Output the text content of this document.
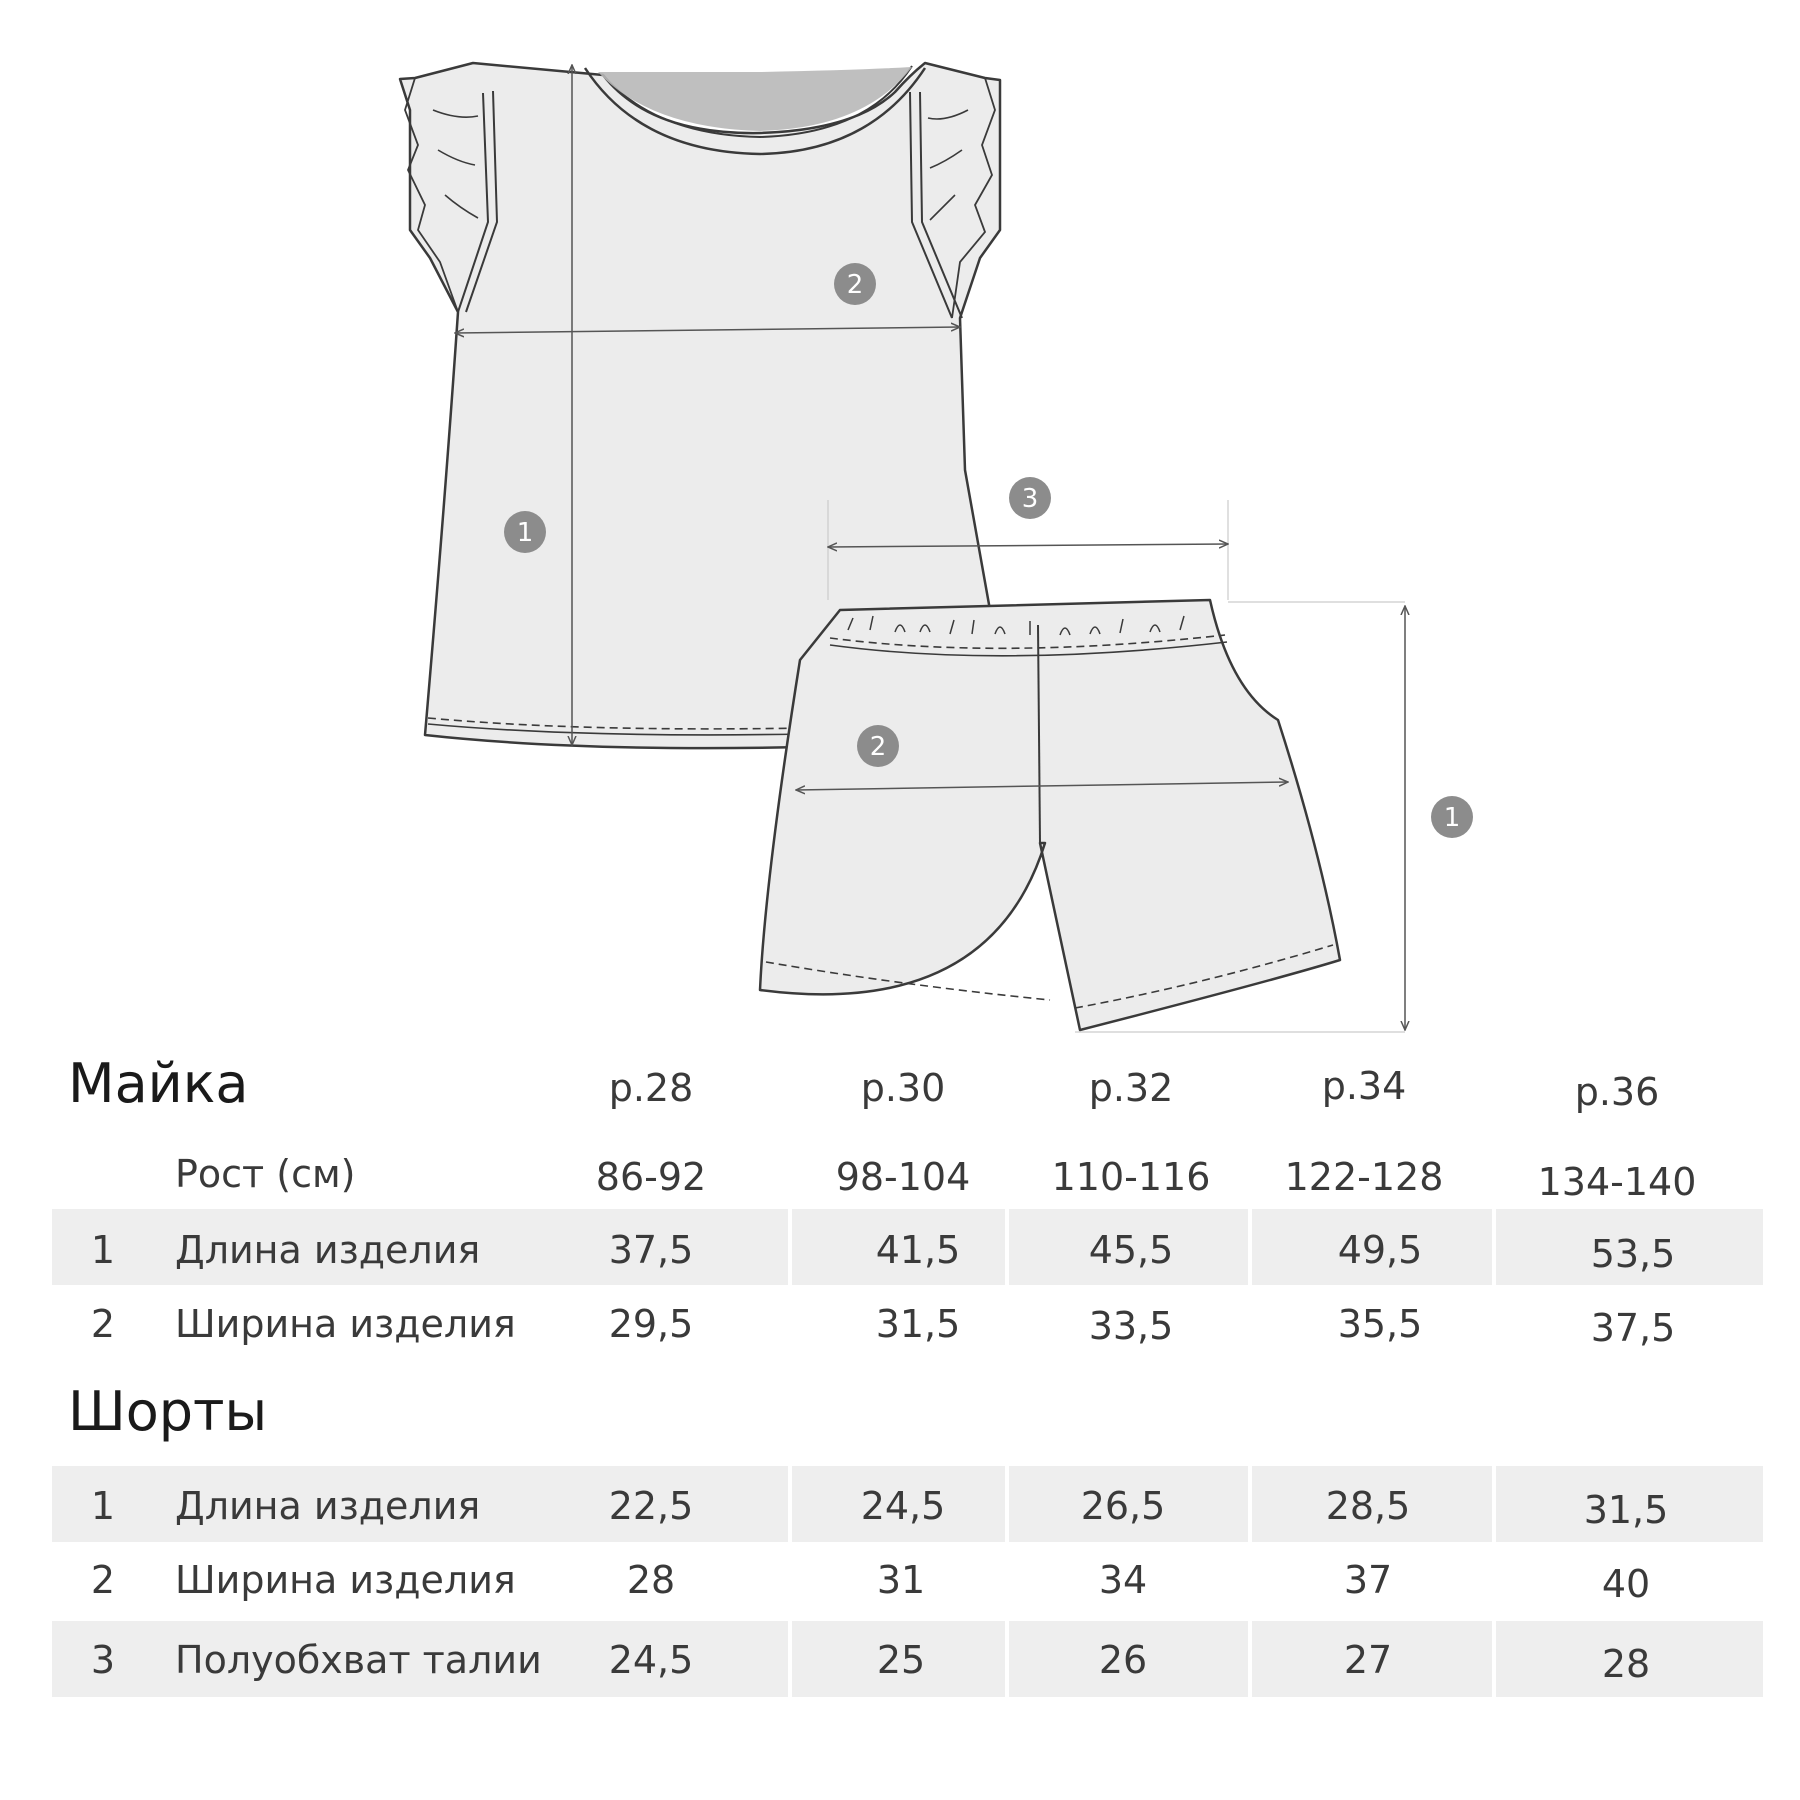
1
2
3
2
1
Майка	р.28	р.30	р.32	р.34	р.36
Рост (см)	86-92	98-104	110-116	122-128	134-140
1	Длина изделия	37,5	41,5	45,5	49,5	53,5
2	Ширина изделия	29,5	31,5	33,5	35,5	37,5
Шорты
1	Длина изделия	22,5	24,5	26,5	28,5	31,5
2	Ширина изделия	28	31	34	37	40
3	Полуобхват талии	24,5	25	26	27	28
